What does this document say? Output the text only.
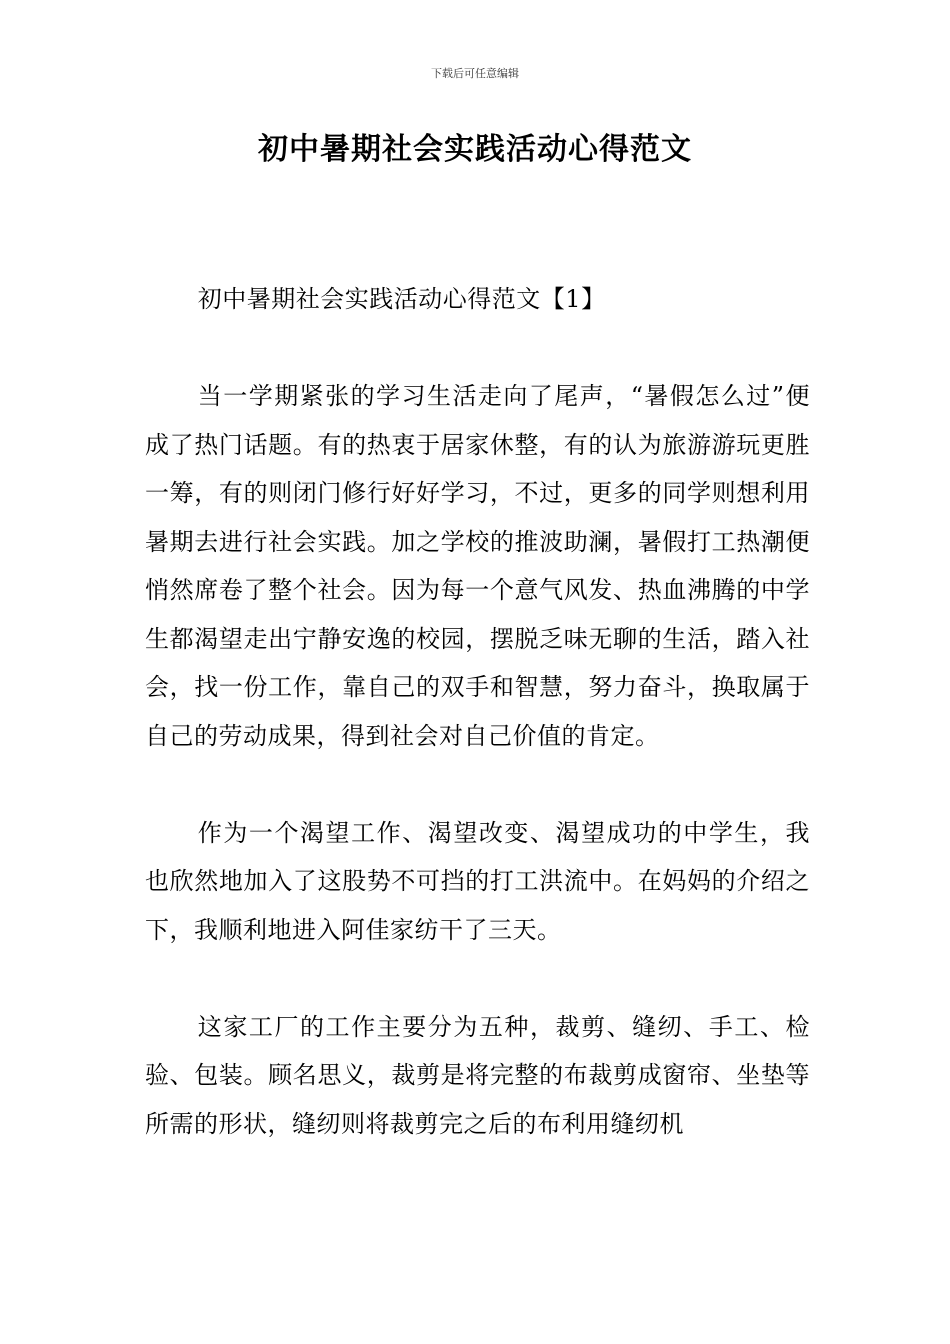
下载后可任意编辑
初中暑期社会实践活动心得范文

初中暑期社会实践活动心得范文【1】

当一学期紧张的学习生活走向了尾声，“暑假怎么过”便成了热门话题。有的热衷于居家休整，有的认为旅游游玩更胜一筹，有的则闭门修行好好学习，不过，更多的同学则想利用暑期去进行社会实践。加之学校的推波助澜，暑假打工热潮便悄然席卷了整个社会。因为每一个意气风发、热血沸腾的中学生都渴望走出宁静安逸的校园，摆脱乏味无聊的生活，踏入社会，找一份工作，靠自己的双手和智慧，努力奋斗，换取属于自己的劳动成果，得到社会对自己价值的肯定。

作为一个渴望工作、渴望改变、渴望成功的中学生，我也欣然地加入了这股势不可挡的打工洪流中。在妈妈的介绍之下，我顺利地进入阿佳家纺干了三天。

这家工厂的工作主要分为五种，裁剪、缝纫、手工、检验、包装。顾名思义，裁剪是将完整的布裁剪成窗帘、坐垫等所需的形状，缝纫则将裁剪完之后的布利用缝纫机
